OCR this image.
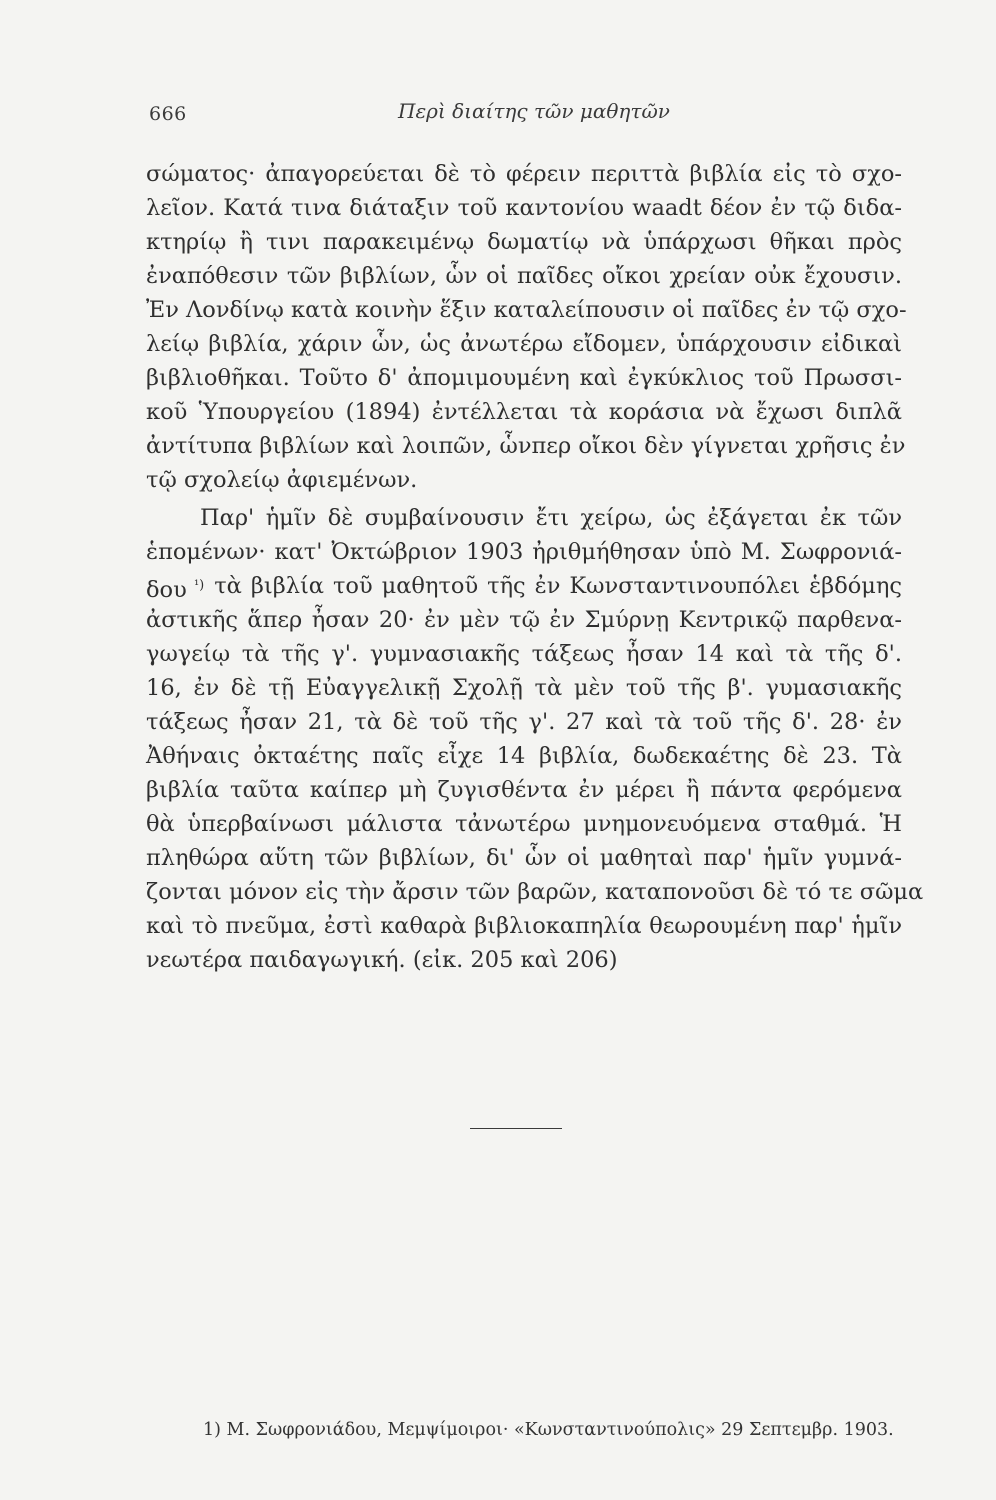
666	Περὶ διαίτης τῶν μαθητῶν
σώματος· ἀπαγορεύεται δὲ τὸ φέρειν περιττὰ βιβλία εἰς τὸ σχο-
λεῖον. Κατά τινα διάταξιν τοῦ καντονίου waadt δέον ἐν τῷ διδα-
κτηρίῳ ἢ τινι παρακειμένῳ δωματίῳ νὰ ὑπάρχωσι θῆκαι πρὸς
ἐναπόθεσιν τῶν βιβλίων, ὧν οἱ παῖδες οἴκοι χρείαν οὐκ ἔχουσιν.
Ἐν Λονδίνῳ κατὰ κοινὴν ἕξιν καταλείπουσιν οἱ παῖδες ἐν τῷ σχο-
λείῳ βιβλία, χάριν ὧν, ὡς ἀνωτέρω εἴδομεν, ὑπάρχουσιν εἰδικαὶ
βιβλιοθῆκαι. Τοῦτο δ' ἀπομιμουμένη καὶ ἐγκύκλιος τοῦ Πρωσσι-
κοῦ Ὑπουργείου (1894) ἐντέλλεται τὰ κοράσια νὰ ἔχωσι διπλᾶ
ἀντίτυπα βιβλίων καὶ λοιπῶν, ὧνπερ οἴκοι δὲν γίγνεται χρῆσις ἐν
τῷ σχολείῳ ἀφιεμένων.
Παρ' ἡμῖν δὲ συμβαίνουσιν ἔτι χείρω, ὡς ἐξάγεται ἐκ τῶν
ἑπομένων· κατ' Ὀκτώβριον 1903 ἠριθμήθησαν ὑπὸ Μ. Σωφρονιά-
δου $^{^1)}$ τὰ βιβλία τοῦ μαθητοῦ τῆς ἐν Κωνσταντινουπόλει ἑβδόμης
ἀστικῆς ἅπερ ἦσαν 20· ἐν μὲν τῷ ἐν Σμύρνῃ Κεντρικῷ παρθενα-
γωγείῳ τὰ τῆς γ'. γυμνασιακῆς τάξεως ἦσαν 14 καὶ τὰ τῆς δ'.
16, ἐν δὲ τῇ Εὐαγγελικῇ Σχολῇ τὰ μὲν τοῦ τῆς β'. γυμασιακῆς
τάξεως ἦσαν 21, τὰ δὲ τοῦ τῆς γ'. 27 καὶ τὰ τοῦ τῆς δ'. 28· ἐν
Ἀθήναις ὀκταέτης παῖς εἶχε 14 βιβλία, δωδεκαέτης δὲ 23. Τὰ
βιβλία ταῦτα καίπερ μὴ ζυγισθέντα ἐν μέρει ἢ πάντα φερόμενα
θὰ ὑπερβαίνωσι μάλιστα τἀνωτέρω μνημονευόμενα σταθμά. Ἡ
πληθώρα αὕτη τῶν βιβλίων, δι' ὧν οἱ μαθηταὶ παρ' ἡμῖν γυμνά-
ζονται μόνον εἰς τὴν ἄρσιν τῶν βαρῶν, καταπονοῦσι δὲ τό τε σῶμα
καὶ τὸ πνεῦμα, ἐστὶ καθαρὰ βιβλιοκαπηλία θεωρουμένη παρ' ἡμῖν
νεωτέρα παιδαγωγική. (εἰκ. 205 καὶ 206)
1) Μ. Σωφρονιάδου, Μεμψίμοιροι· «Κωνσταντινούπολις» 29 Σεπτεμβρ. 1903.
